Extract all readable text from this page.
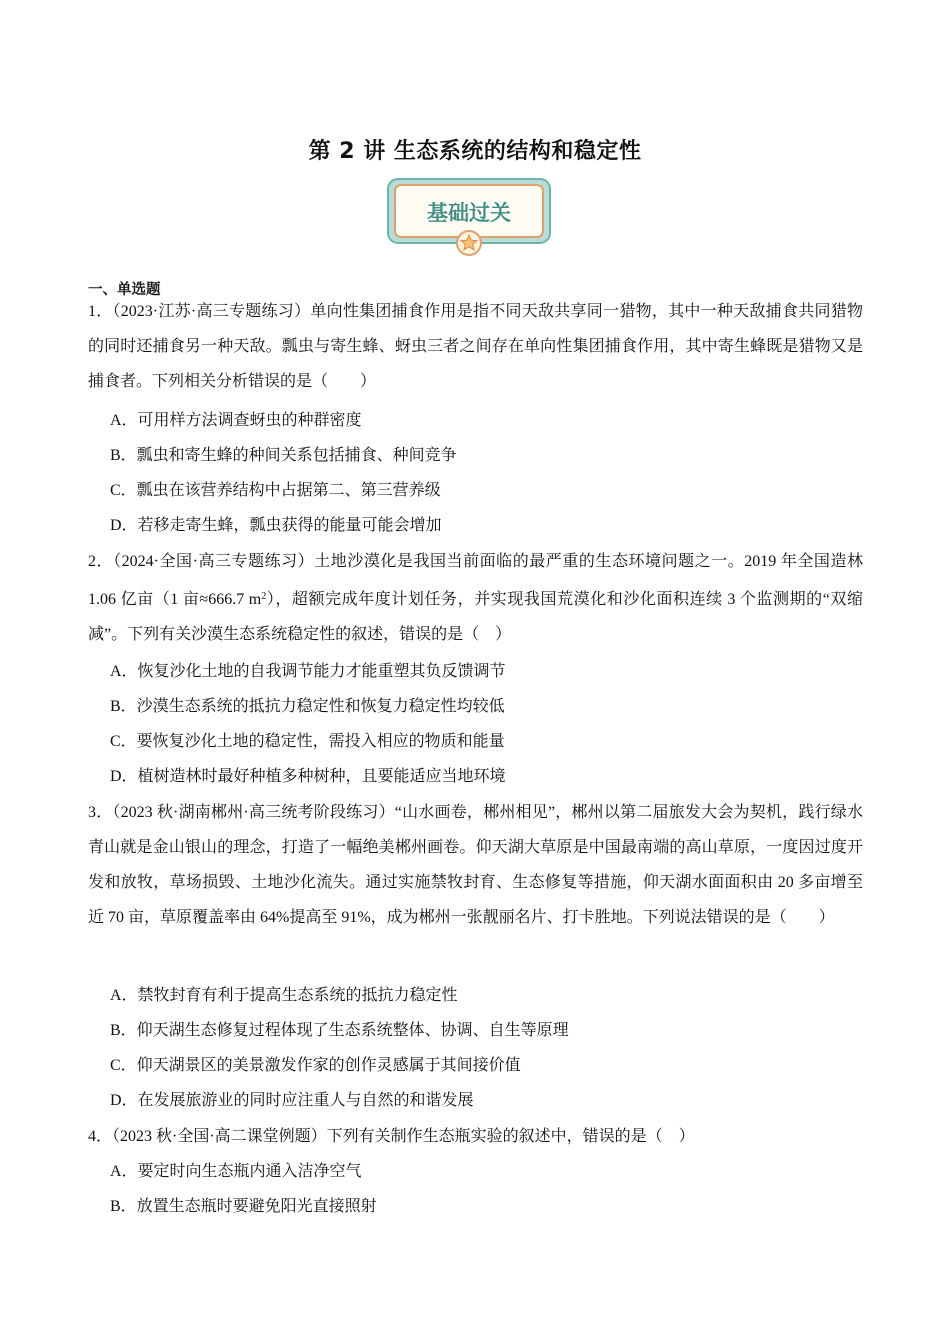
第 2 讲 生态系统的结构和稳定性
基础过关
一、单选题
1．（2023·江苏·高三专题练习）单向性集团捕食作用是指不同天敌共享同一猎物，其中一种天敌捕食共同猎物的同时还捕食另一种天敌。瓢虫与寄生蜂、蚜虫三者之间存在单向性集团捕食作用，其中寄生蜂既是猎物又是捕食者。下列相关分析错误的是（　　）
A．可用样方法调查蚜虫的种群密度
B．瓢虫和寄生蜂的种间关系包括捕食、种间竞争
C．瓢虫在该营养结构中占据第二、第三营养级
D．若移走寄生蜂，瓢虫获得的能量可能会增加
2．（2024·全国·高三专题练习）土地沙漠化是我国当前面临的最严重的生态环境问题之一。2019 年全国造林 1.06 亿亩（1 亩≈666.7 $m^2$），超额完成年度计划任务，并实现我国荒漠化和沙化面积连续 3 个监测期的“双缩减”。下列有关沙漠生态系统稳定性的叙述，错误的是（　）
A．恢复沙化土地的自我调节能力才能重塑其负反馈调节
B．沙漠生态系统的抵抗力稳定性和恢复力稳定性均较低
C．要恢复沙化土地的稳定性，需投入相应的物质和能量
D．植树造林时最好种植多种树种，且要能适应当地环境
3．（2023 秋·湖南郴州·高三统考阶段练习）“山水画卷，郴州相见”，郴州以第二届旅发大会为契机，践行绿水青山就是金山银山的理念，打造了一幅绝美郴州画卷。仰天湖大草原是中国最南端的高山草原，一度因过度开发和放牧，草场损毁、土地沙化流失。通过实施禁牧封育、生态修复等措施，仰天湖水面面积由 20 多亩增至近 70 亩，草原覆盖率由 64%提高至 91%，成为郴州一张靓丽名片、打卡胜地。下列说法错误的是（　　）
A．禁牧封育有利于提高生态系统的抵抗力稳定性
B．仰天湖生态修复过程体现了生态系统整体、协调、自生等原理
C．仰天湖景区的美景激发作家的创作灵感属于其间接价值
D．在发展旅游业的同时应注重人与自然的和谐发展
4．（2023 秋·全国·高二课堂例题）下列有关制作生态瓶实验的叙述中，错误的是（　）
A．要定时向生态瓶内通入洁净空气
B．放置生态瓶时要避免阳光直接照射
